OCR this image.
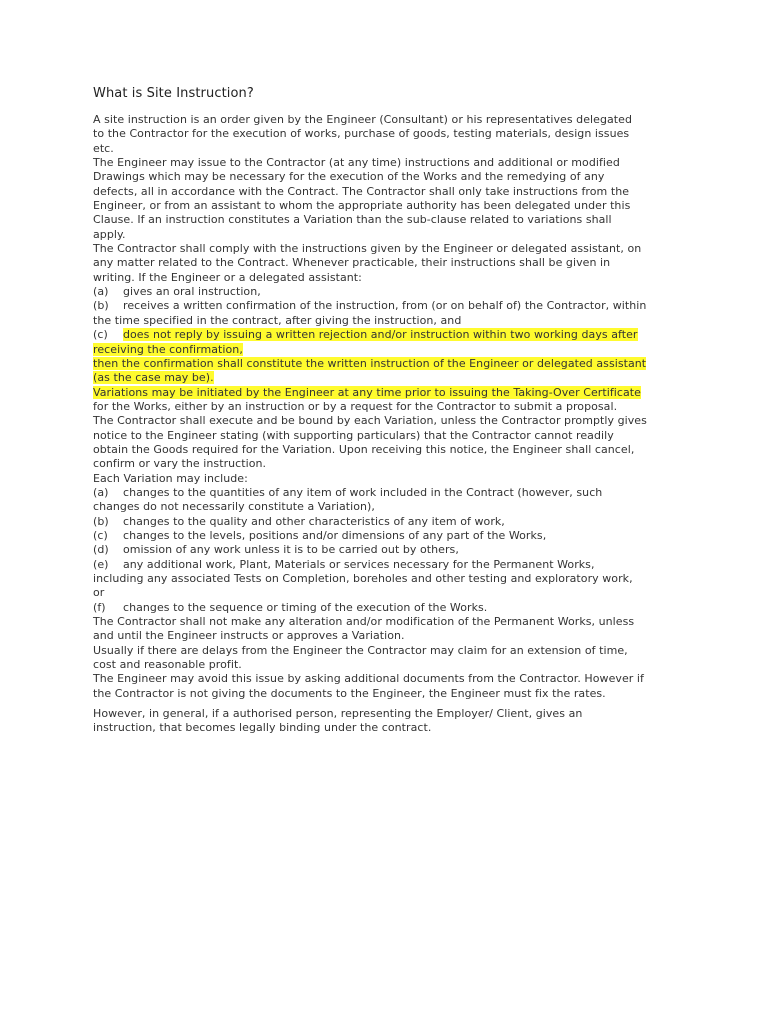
What is Site Instruction?
A site instruction is an order given by the Engineer (Consultant) or his representatives delegated
to the Contractor for the execution of works, purchase of goods, testing materials, design issues
etc.
The Engineer may issue to the Contractor (at any time) instructions and additional or modified
Drawings which may be necessary for the execution of the Works and the remedying of any
defects, all in accordance with the Contract. The Contractor shall only take instructions from the
Engineer, or from an assistant to whom the appropriate authority has been delegated under this
Clause. If an instruction constitutes a Variation than the sub-clause related to variations shall
apply.
The Contractor shall comply with the instructions given by the Engineer or delegated assistant, on
any matter related to the Contract. Whenever practicable, their instructions shall be given in
writing. If the Engineer or a delegated assistant:
(a) gives an oral instruction,
(b) receives a written confirmation of the instruction, from (or on behalf of) the Contractor, within
the time specified in the contract, after giving the instruction, and
(c) does not reply by issuing a written rejection and/or instruction within two working days after
receiving the confirmation,
then the confirmation shall constitute the written instruction of the Engineer or delegated assistant
(as the case may be).
Variations may be initiated by the Engineer at any time prior to issuing the Taking-Over Certificate
for the Works, either by an instruction or by a request for the Contractor to submit a proposal.
The Contractor shall execute and be bound by each Variation, unless the Contractor promptly gives
notice to the Engineer stating (with supporting particulars) that the Contractor cannot readily
obtain the Goods required for the Variation. Upon receiving this notice, the Engineer shall cancel,
confirm or vary the instruction.
Each Variation may include:
(a) changes to the quantities of any item of work included in the Contract (however, such
changes do not necessarily constitute a Variation),
(b) changes to the quality and other characteristics of any item of work,
(c) changes to the levels, positions and/or dimensions of any part of the Works,
(d) omission of any work unless it is to be carried out by others,
(e) any additional work, Plant, Materials or services necessary for the Permanent Works,
including any associated Tests on Completion, boreholes and other testing and exploratory work,
or
(f) changes to the sequence or timing of the execution of the Works.
The Contractor shall not make any alteration and/or modification of the Permanent Works, unless
and until the Engineer instructs or approves a Variation.
Usually if there are delays from the Engineer the Contractor may claim for an extension of time,
cost and reasonable profit.
The Engineer may avoid this issue by asking additional documents from the Contractor. However if
the Contractor is not giving the documents to the Engineer, the Engineer must fix the rates.
However, in general, if a authorised person, representing the Employer/ Client, gives an
instruction, that becomes legally binding under the contract.
